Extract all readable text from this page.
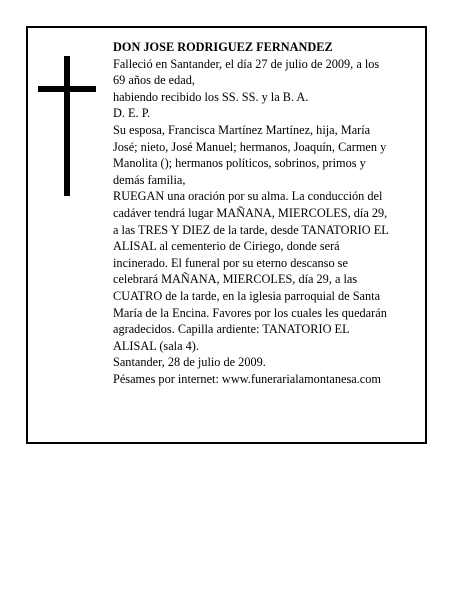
DON JOSE RODRIGUEZ FERNANDEZ

Falleció en Santander, el día 27 de julio de 2009, a los 69 años de edad,

habiendo recibido los SS. SS. y la B. A.

D. E. P.

Su esposa, Francisca Martínez Martínez, hija, María José; nieto, José Manuel; hermanos, Joaquín, Carmen y Manolita (); hermanos políticos, sobrinos, primos y demás familia,

RUEGAN una oración por su alma. La conducción del cadáver tendrá lugar MAÑANA, MIERCOLES, día 29, a las TRES Y DIEZ de la tarde, desde TANATORIO EL ALISAL al cementerio de Ciriego, donde será incinerado. El funeral por su eterno descanso se celebrará MAÑANA, MIERCOLES, día 29, a las CUATRO de la tarde, en la iglesia parroquial de Santa María de la Encina. Favores por los cuales les quedarán agradecidos. Capilla ardiente: TANATORIO EL ALISAL (sala 4).

Santander, 28 de julio de 2009.

Pésames por internet: www.funerarialamontanesa.com
